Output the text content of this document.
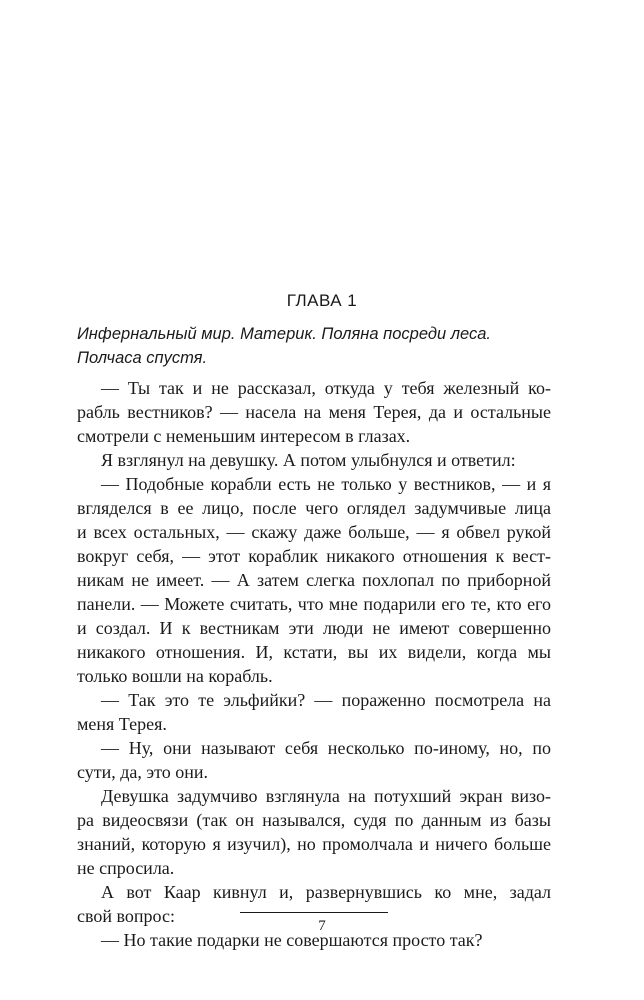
ГЛАВА 1
Инфернальный мир. Материк. Поляна посреди леса.
Полчаса спустя.
— Ты так и не рассказал, откуда у тебя железный ко-
рабль вестников? — насела на меня Терея, да и остальные
смотрели с неменьшим интересом в глазах.
Я взглянул на девушку. А потом улыбнулся и ответил:
— Подобные корабли есть не только у вестников, — и я
вгляделся в ее лицо, после чего оглядел задумчивые лица
и всех остальных, — скажу даже больше, — я обвел рукой
вокруг себя, — этот кораблик никакого отношения к вест-
никам не имеет. — А затем слегка похлопал по приборной
панели. — Можете считать, что мне подарили его те, кто его
и создал. И к вестникам эти люди не имеют совершенно
никакого отношения. И, кстати, вы их видели, когда мы
только вошли на корабль.
— Так это те эльфийки? — пораженно посмотрела на
меня Терея.
— Ну, они называют себя несколько по-иному, но, по
сути, да, это они.
Девушка задумчиво взглянула на потухший экран визо-
ра видеосвязи (так он назывался, судя по данным из базы
знаний, которую я изучил), но промолчала и ничего больше
не спросила.
А вот Каар кивнул и, развернувшись ко мне, задал
свой вопрос:
— Но такие подарки не совершаются просто так?
7
